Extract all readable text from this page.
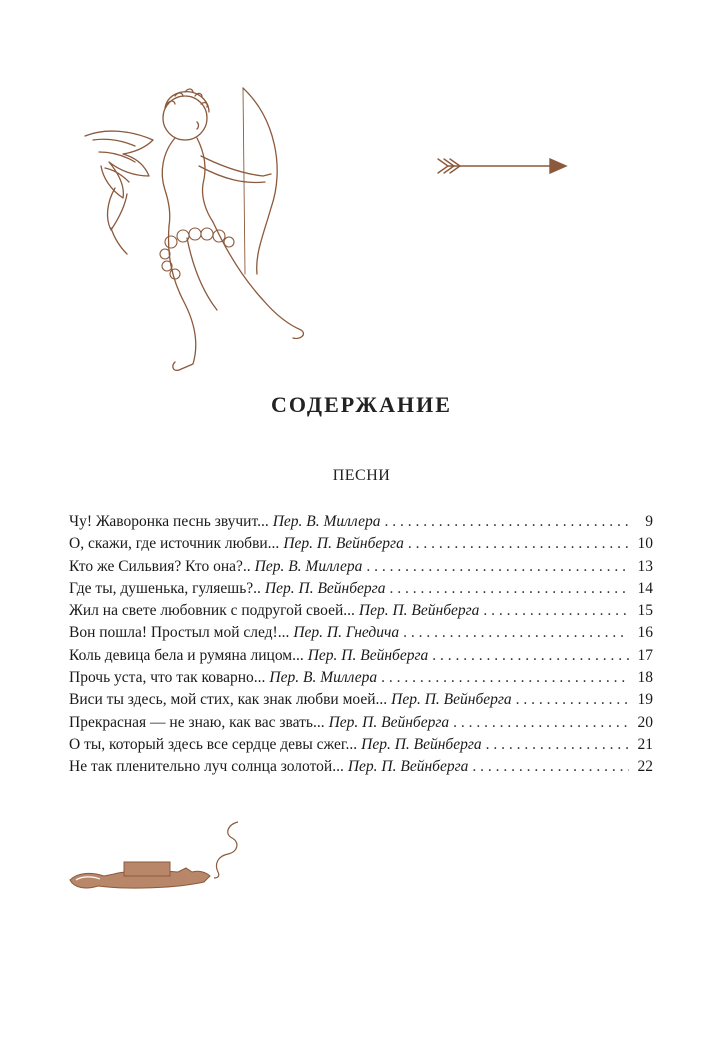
СОДЕРЖАНИЕ
ПЕСНИ
Чу! Жаворонка песнь звучит... Пер. В. Миллера . . .	9
О, скажи, где источник любви... Пер. П. Вейнберга . . .	10
Кто же Сильвия? Кто она?.. Пер. В. Миллера . . .	13
Где ты, душенька, гуляешь?.. Пер. П. Вейнберга . . .	14
Жил на свете любовник с подругой своей... Пер. П. Вейнберга . . .	15
Вон пошла! Простыл мой след!... Пер. П. Гнедича . . .	16
Коль девица бела и румяна лицом... Пер. П. Вейнберга . . .	17
Прочь уста, что так коварно... Пер. В. Миллера . . .	18
Виси ты здесь, мой стих, как знак любви моей... Пер. П. Вейнберга . . .	19
Прекрасная — не знаю, как вас звать... Пер. П. Вейнберга . . .	20
О ты, который здесь все сердце девы сжег... Пер. П. Вейнберга . . .	21
Не так пленительно луч солнца золотой... Пер. П. Вейнберга . . .	22
